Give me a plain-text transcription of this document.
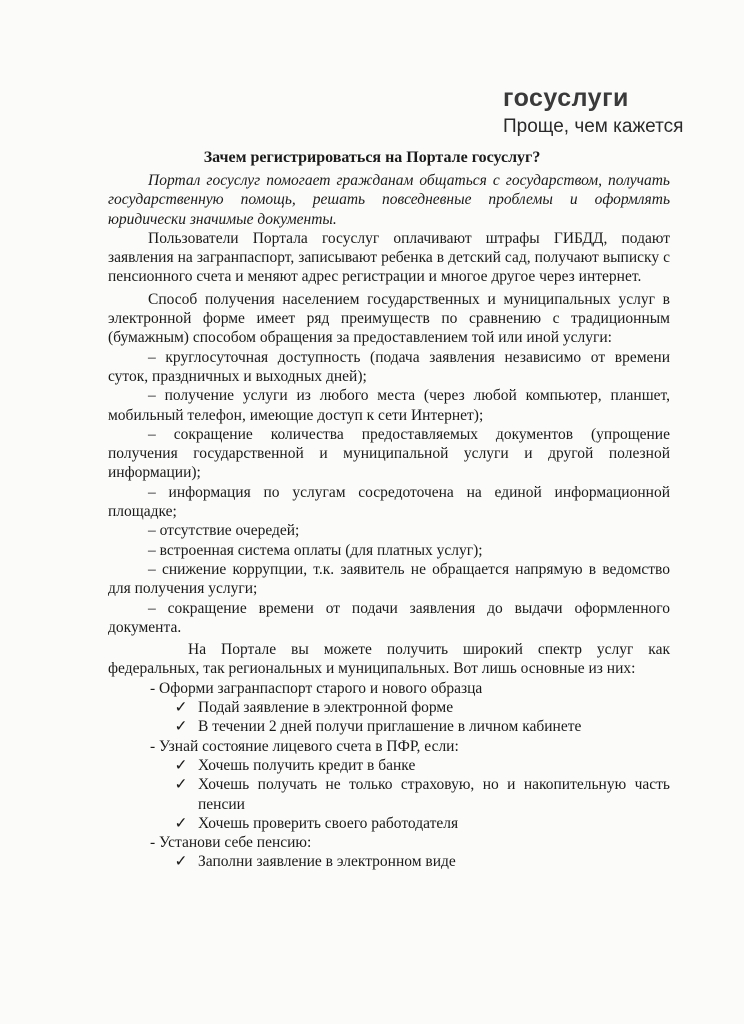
госуслуги
Проще, чем кажется
Зачем регистрироваться на Портале госуслуг?

Портал госуслуг помогает гражданам общаться с государством, получать государственную помощь, решать повседневные проблемы и оформлять юридически значимые документы.

Пользователи Портала госуслуг оплачивают штрафы ГИБДД, подают заявления на загранпаспорт, записывают ребенка в детский сад, получают выписку с пенсионного счета и меняют адрес регистрации и многое другое через интернет.

Способ получения населением государственных и муниципальных услуг в электронной форме имеет ряд преимуществ по сравнению с традиционным (бумажным) способом обращения за предоставлением той или иной услуги:

– круглосуточная доступность (подача заявления независимо от времени суток, праздничных и выходных дней);

– получение услуги из любого места (через любой компьютер, планшет, мобильный телефон, имеющие доступ к сети Интернет);

– сокращение количества предоставляемых документов (упрощение получения государственной и муниципальной услуги и другой полезной информации);

– информация по услугам сосредоточена на единой информационной площадке;

– отсутствие очередей;

– встроенная система оплаты (для платных услуг);

– снижение коррупции, т.к. заявитель не обращается напрямую в ведомство для получения услуги;

– сокращение времени от подачи заявления до выдачи оформленного документа.

На Портале вы можете получить широкий спектр услуг как федеральных, так региональных и муниципальных. Вот лишь основные из них:

- Оформи загранпаспорт старого и нового образца
✓ Подай заявление в электронной форме
✓ В течении 2 дней получи приглашение в личном кабинете
- Узнай состояние лицевого счета в ПФР, если:
✓ Хочешь получить кредит в банке
✓ Хочешь получать не только страховую, но и накопительную часть пенсии
✓ Хочешь проверить своего работодателя
- Установи себе пенсию:
✓ Заполни заявление в электронном виде
